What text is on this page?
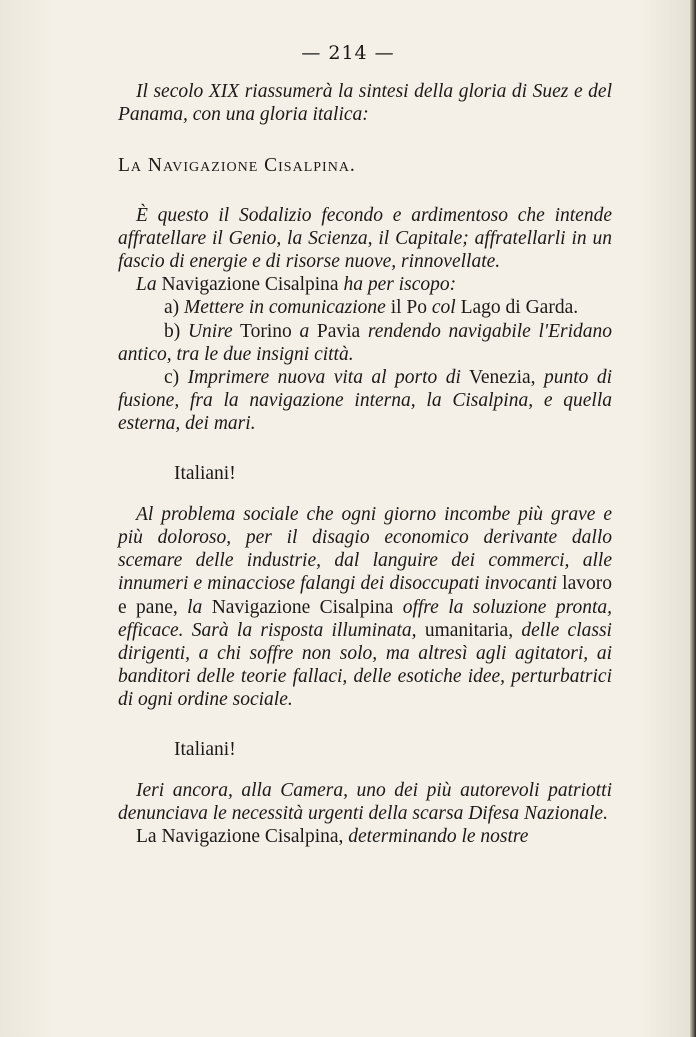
— 214 —

Il secolo XIX riassumerà la sintesi della gloria di Suez e del Panama, con una gloria italica:

La Navigazione Cisalpina.

È questo il Sodalizio fecondo e ardimentoso che intende affratellare il Genio, la Scienza, il Capitale; affratellarli in un fascio di energie e di risorse nuove, rinnovellate.

La Navigazione Cisalpina ha per iscopo:

a) Mettere in comunicazione il Po col Lago di Garda.

b) Unire Torino a Pavia rendendo navigabile l'Eridano antico, tra le due insigni città.

c) Imprimere nuova vita al porto di Venezia, punto di fusione, fra la navigazione interna, la Cisalpina, e quella esterna, dei mari.

Italiani!

Al problema sociale che ogni giorno incombe più grave e più doloroso, per il disagio economico derivante dallo scemare delle industrie, dal languire dei commerci, alle innumeri e minacciose falangi dei disoccupati invocanti lavoro e pane, la Navigazione Cisalpina offre la soluzione pronta, efficace. Sarà la risposta illuminata, umanitaria, delle classi dirigenti, a chi soffre non solo, ma altresì agli agitatori, ai banditori delle teorie fallaci, delle esotiche idee, perturbatrici di ogni ordine sociale.

Italiani!

Ieri ancora, alla Camera, uno dei più autorevoli patriotti denunciava le necessità urgenti della scarsa Difesa Nazionale.

La Navigazione Cisalpina, determinando le nostre
